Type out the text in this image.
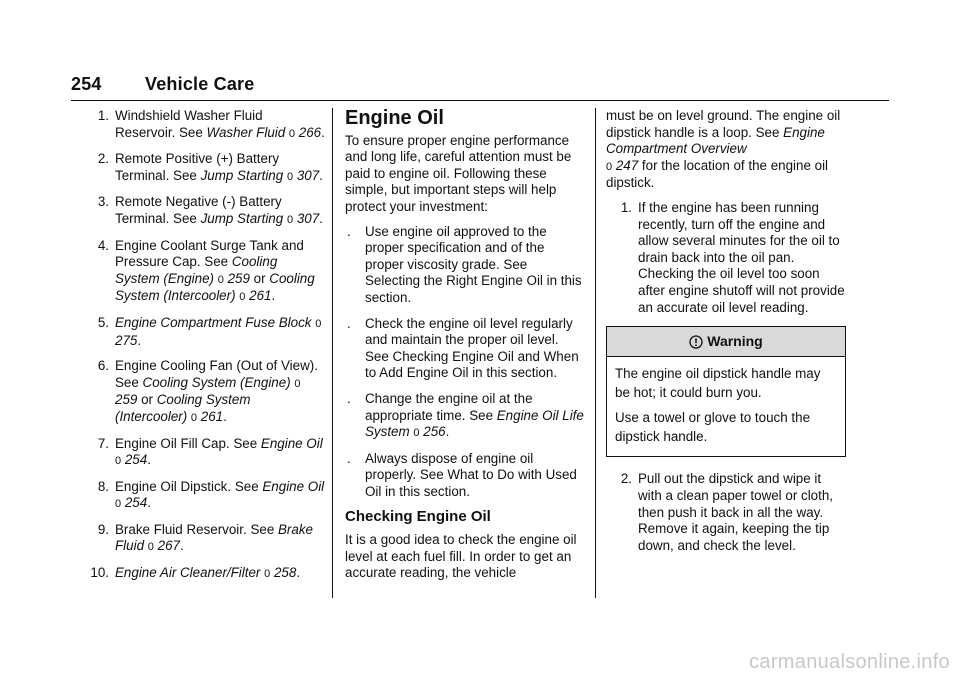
254 Vehicle Care
1. Windshield Washer Fluid Reservoir. See Washer Fluid 0 266.
2. Remote Positive (+) Battery Terminal. See Jump Starting 0 307.
3. Remote Negative (-) Battery Terminal. See Jump Starting 0 307.
4. Engine Coolant Surge Tank and Pressure Cap. See Cooling System (Engine) 0 259 or Cooling System (Intercooler) 0 261.
5. Engine Compartment Fuse Block 0 275.
6. Engine Cooling Fan (Out of View). See Cooling System (Engine) 0 259 or Cooling System (Intercooler) 0 261.
7. Engine Oil Fill Cap. See Engine Oil 0 254.
8. Engine Oil Dipstick. See Engine Oil 0 254.
9. Brake Fluid Reservoir. See Brake Fluid 0 267.
10. Engine Air Cleaner/Filter 0 258.
Engine Oil

To ensure proper engine performance and long life, careful attention must be paid to engine oil. Following these simple, but important steps will help protect your investment:

.	Use engine oil approved to the proper specification and of the proper viscosity grade. See Selecting the Right Engine Oil in this section.
.	Check the engine oil level regularly and maintain the proper oil level. See Checking Engine Oil and When to Add Engine Oil in this section.
.	Change the engine oil at the appropriate time. See Engine Oil Life System 0 256.
.	Always dispose of engine oil properly. See What to Do with Used Oil in this section.
Checking Engine Oil

It is a good idea to check the engine oil level at each fuel fill. In order to get an accurate reading, the vehicle

must be on level ground. The engine oil dipstick handle is a loop. See Engine Compartment Overview
0 247 for the location of the engine oil dipstick.

1. If the engine has been running recently, turn off the engine and allow several minutes for the oil to drain back into the oil pan. Checking the oil level too soon after engine shutoff will not provide an accurate oil level reading.
Warning

The engine oil dipstick handle may be hot; it could burn you.

Use a towel or glove to touch the dipstick handle.

2. Pull out the dipstick and wipe it with a clean paper towel or cloth, then push it back in all the way. Remove it again, keeping the tip down, and check the level.
carmanualsonline.info
